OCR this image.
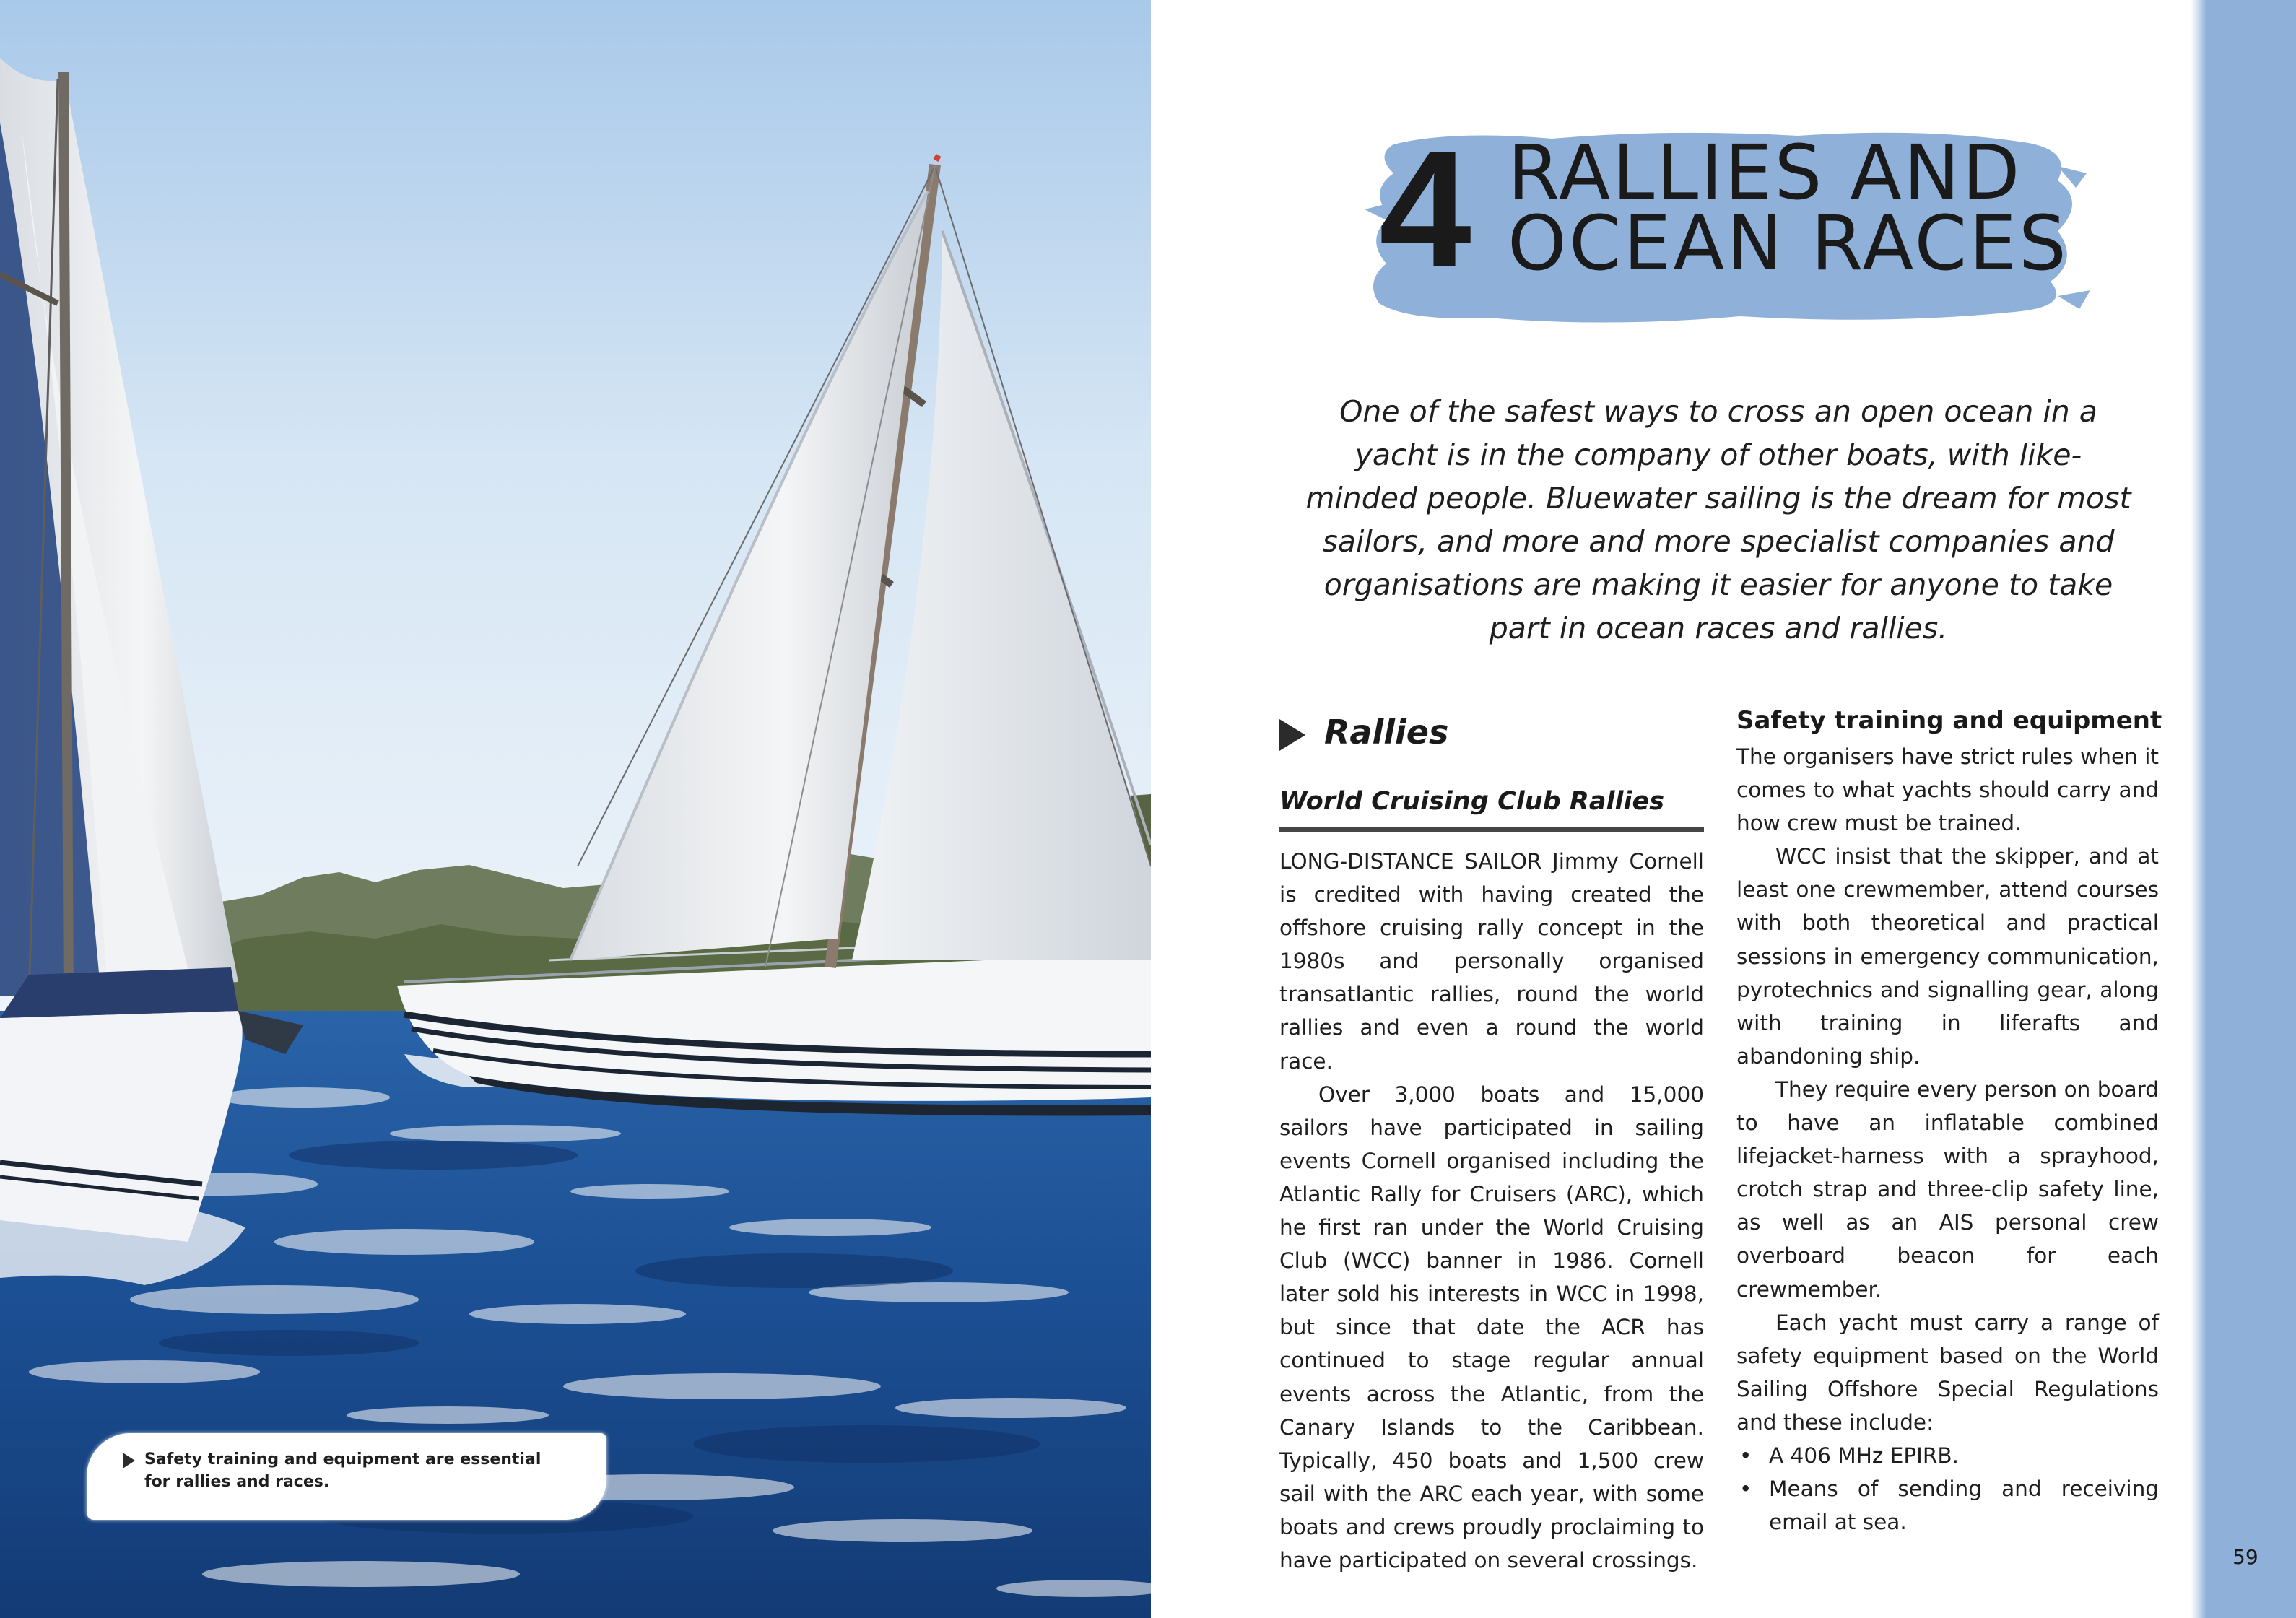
Safety training and equipment are essential for rallies and races.
4 RALLIES AND
OCEAN RACES
One of the safest ways to cross an open ocean in a yacht is in the company of other boats, with like-minded people. Bluewater sailing is the dream for most sailors, and more and more specialist companies and organisations are making it easier for anyone to take part in ocean races and rallies.
Rallies
World Cruising Club Rallies

LONG-DISTANCE SAILOR Jimmy Cornell is credited with having created the offshore cruising rally concept in the 1980s and personally organised transatlantic rallies, round the world rallies and even a round the world race.

Over 3,000 boats and 15,000 sailors have participated in sailing events Cornell organised including the Atlantic Rally for Cruisers (ARC), which he first ran under the World Cruising Club (WCC) banner in 1986. Cornell later sold his interests in WCC in 1998, but since that date the ACR has continued to stage regular annual events across the Atlantic, from the Canary Islands to the Caribbean. Typically, 450 boats and 1,500 crew sail with the ARC each year, with some boats and crews proudly proclaiming to have participated on several crossings.

Safety training and equipment

The organisers have strict rules when it comes to what yachts should carry and how crew must be trained.

WCC insist that the skipper, and at least one crewmember, attend courses with both theoretical and practical sessions in emergency communication, pyrotechnics and signalling gear, along with training in liferafts and abandoning ship.

They require every person on board to have an inflatable combined lifejacket-harness with a sprayhood, crotch strap and three-clip safety line, as well as an AIS personal crew overboard beacon for each crewmember.

Each yacht must carry a range of safety equipment based on the World Sailing Offshore Special Regulations and these include:

• A 406 MHz EPIRB.
• Means of sending and receiving email at sea.
59
